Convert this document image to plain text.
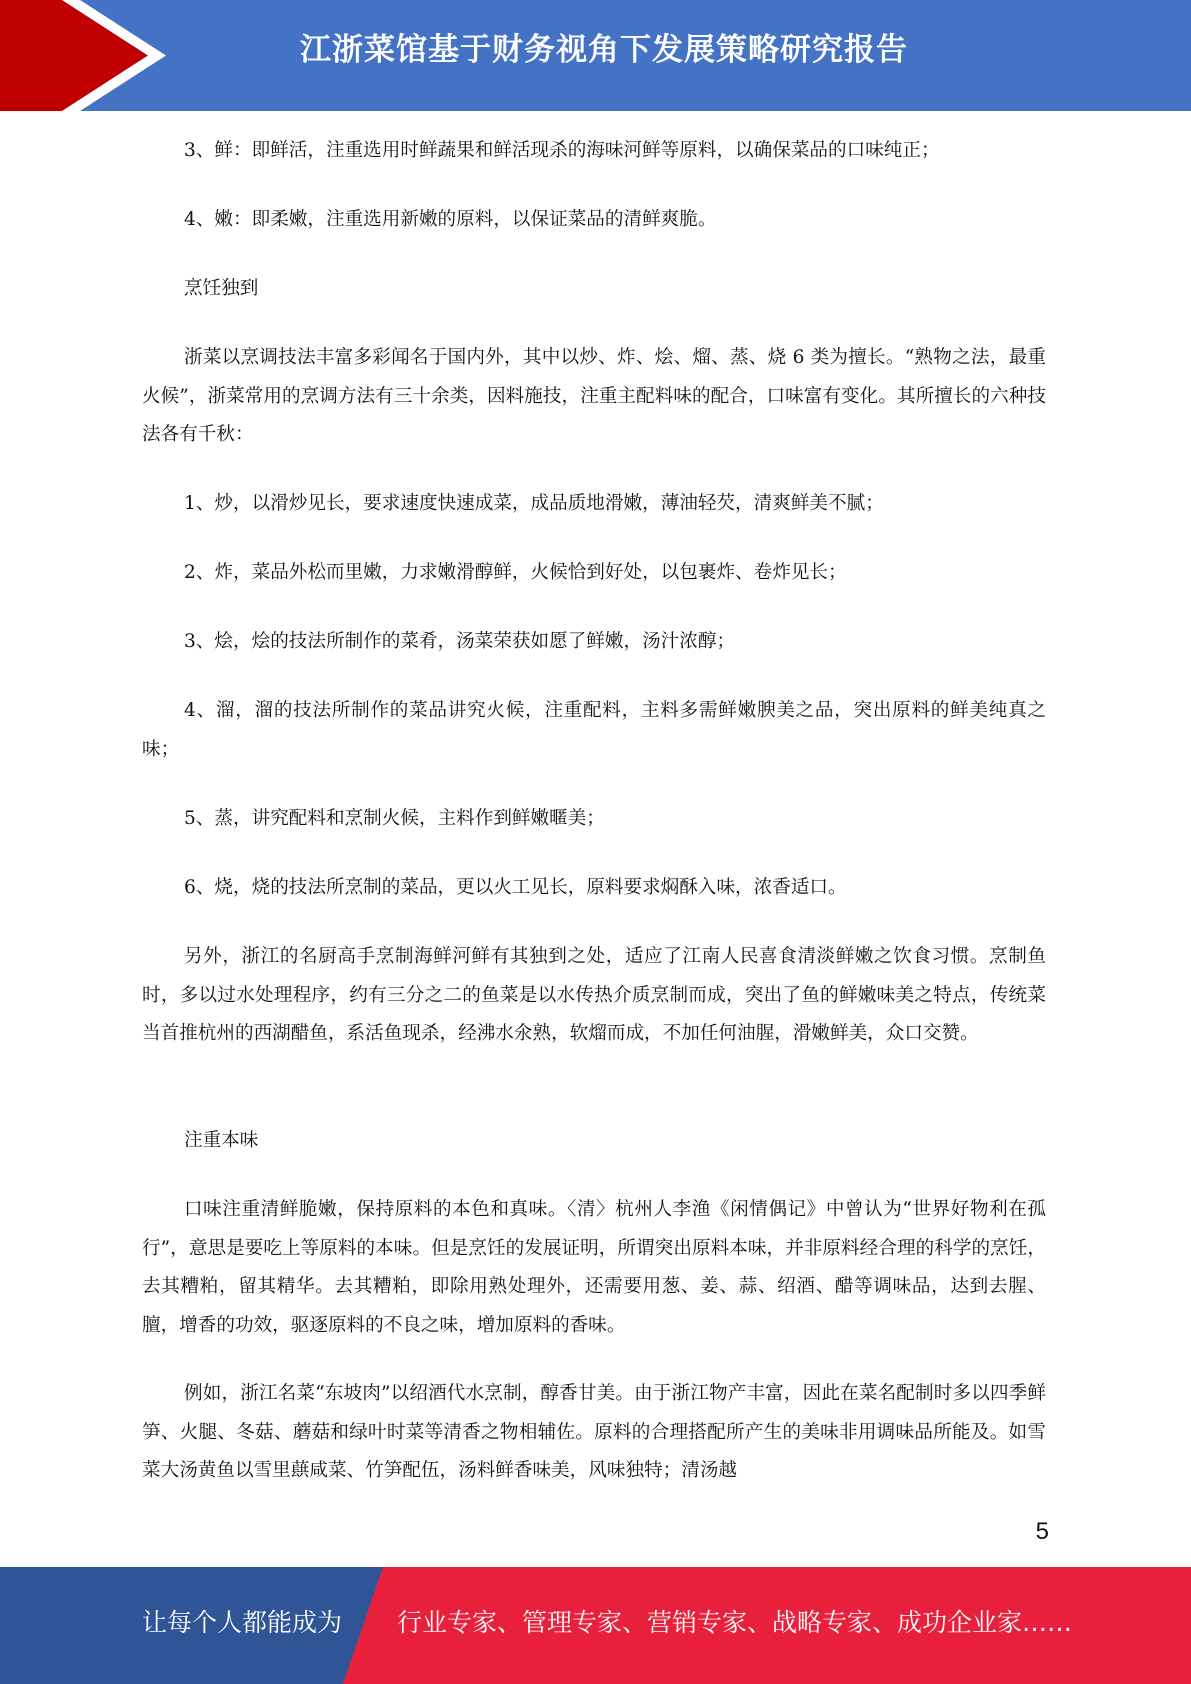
江浙菜馆基于财务视角下发展策略研究报告

3、鲜：即鲜活，注重选用时鲜蔬果和鲜活现杀的海味河鲜等原料，以确保菜品的口味纯正；

4、嫩：即柔嫩，注重选用新嫩的原料，以保证菜品的清鲜爽脆。

烹饪独到

浙菜以烹调技法丰富多彩闻名于国内外，其中以炒、炸、烩、熘、蒸、烧 6 类为擅长。“熟物之法，最重火候”，浙菜常用的烹调方法有三十余类，因料施技，注重主配料味的配合，口味富有变化。其所擅长的六种技法各有千秋：

1、炒，以滑炒见长，要求速度快速成菜，成品质地滑嫩，薄油轻芡，清爽鲜美不腻；

2、炸，菜品外松而里嫩，力求嫩滑醇鲜，火候恰到好处，以包裹炸、卷炸见长；

3、烩，烩的技法所制作的菜肴，汤菜荣获如愿了鲜嫩，汤汁浓醇；

4、溜，溜的技法所制作的菜品讲究火候，注重配料，主料多需鲜嫩腴美之品，突出原料的鲜美纯真之味；

5、蒸，讲究配料和烹制火候，主料作到鲜嫩暱美；

6、烧，烧的技法所烹制的菜品，更以火工见长，原料要求焖酥入味，浓香适口。

另外，浙江的名厨高手烹制海鲜河鲜有其独到之处，适应了江南人民喜食清淡鲜嫩之饮食习惯。烹制鱼时，多以过水处理程序，约有三分之二的鱼菜是以水传热介质烹制而成，突出了鱼的鲜嫩味美之特点，传统菜当首推杭州的西湖醋鱼，系活鱼现杀，经沸水氽熟，软熘而成，不加任何油腥，滑嫩鲜美，众口交赞。

注重本味

口味注重清鲜脆嫩，保持原料的本色和真味。〈清〉杭州人李渔《闲情偶记》中曾认为“世界好物利在孤行”，意思是要吃上等原料的本味。但是烹饪的发展证明，所谓突出原料本味，并非原料经合理的科学的烹饪，去其糟粕，留其精华。去其糟粕，即除用熟处理外，还需要用葱、姜、蒜、绍酒、醋等调味品，达到去腥、膻，增香的功效，驱逐原料的不良之味，增加原料的香味。

例如，浙江名菜“东坡肉”以绍酒代水烹制，醇香甘美。由于浙江物产丰富，因此在菜名配制时多以四季鲜笋、火腿、冬菇、蘑菇和绿叶时菜等清香之物相辅佐。原料的合理搭配所产生的美味非用调味品所能及。如雪菜大汤黄鱼以雪里蕻咸菜、竹笋配伍，汤料鲜香味美，风味独特；清汤越

5
让每个人都能成为 行业专家、管理专家、营销专家、战略专家、成功企业家……
